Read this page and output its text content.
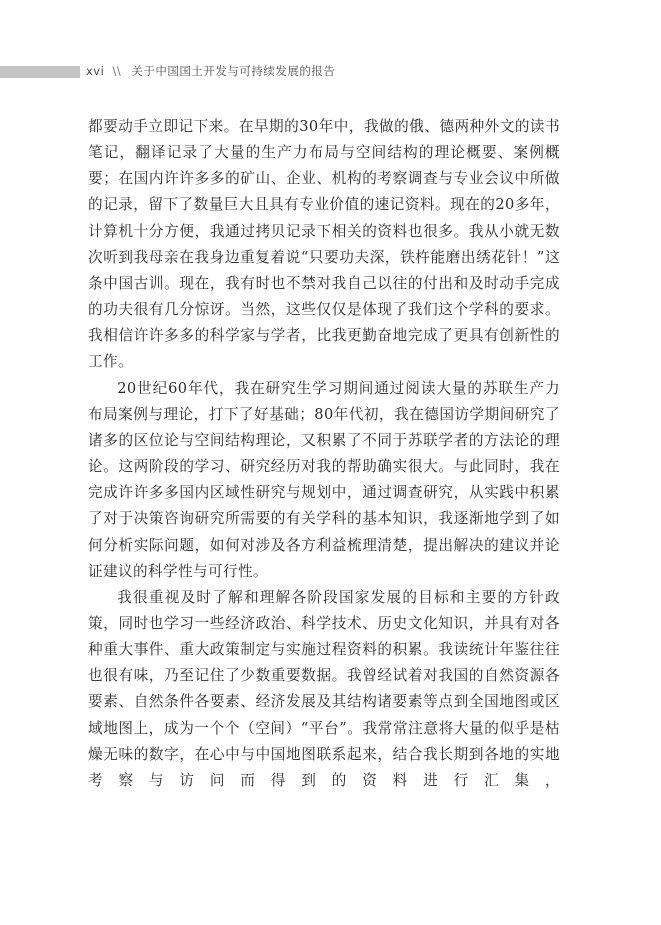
xvi \\ 关于中国国土开发与可持续发展的报告

都要动手立即记下来。在早期的30年中，我做的俄、德两种外文的读书笔记，翻译记录了大量的生产力布局与空间结构的理论概要、案例概要；在国内许许多多的矿山、企业、机构的考察调查与专业会议中所做的记录，留下了数量巨大且具有专业价值的速记资料。现在的20多年，计算机十分方便，我通过拷贝记录下相关的资料也很多。我从小就无数次听到我母亲在我身边重复着说“只要功夫深，铁杵能磨出绣花针！”这条中国古训。现在，我有时也不禁对我自己以往的付出和及时动手完成的功夫很有几分惊讶。当然，这些仅仅是体现了我们这个学科的要求。我相信许许多多的科学家与学者，比我更勤奋地完成了更具有创新性的工作。

20世纪60年代，我在研究生学习期间通过阅读大量的苏联生产力布局案例与理论，打下了好基础；80年代初，我在德国访学期间研究了诸多的区位论与空间结构理论，又积累了不同于苏联学者的方法论的理论。这两阶段的学习、研究经历对我的帮助确实很大。与此同时，我在完成许许多多国内区域性研究与规划中，通过调查研究，从实践中积累了对于决策咨询研究所需要的有关学科的基本知识，我逐渐地学到了如何分析实际问题，如何对涉及各方利益梳理清楚，提出解决的建议并论证建议的科学性与可行性。

我很重视及时了解和理解各阶段国家发展的目标和主要的方针政策，同时也学习一些经济政治、科学技术、历史文化知识，并具有对各种重大事件、重大政策制定与实施过程资料的积累。我读统计年鉴往往也很有味，乃至记住了少数重要数据。我曾经试着对我国的自然资源各要素、自然条件各要素、经济发展及其结构诸要素等点到全国地图或区域地图上，成为一个个（空间）“平台”。我常常注意将大量的似乎是枯燥无味的数字，在心中与中国地图联系起来，结合我长期到各地的实地考察与访问而得到的资料进行汇集，
